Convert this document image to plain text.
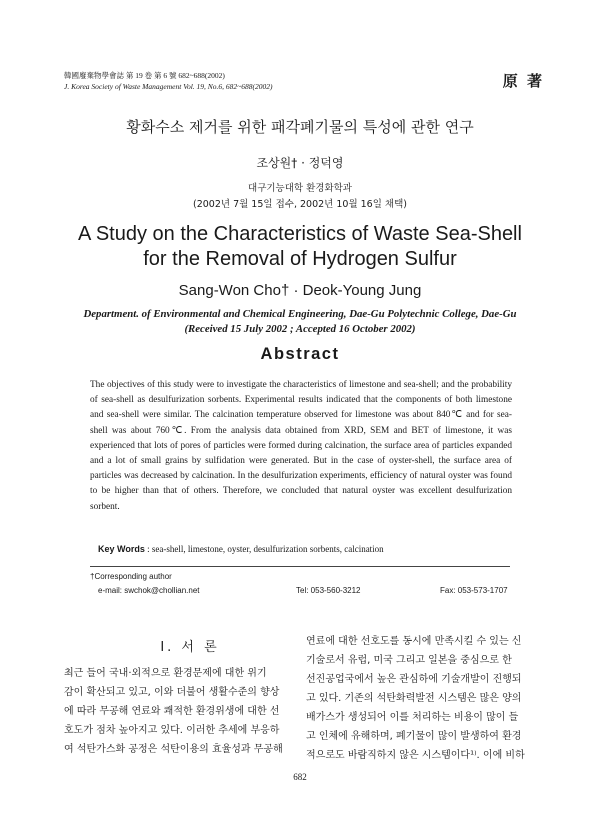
韓國廢棄物學會誌 第 19 卷 第 6 號 682~688(2002)
J. Korea Society of Waste Management Vol. 19, No.6, 682~688(2002)	原 著
황화수소 제거를 위한 패각폐기물의 특성에 관한 연구
조상원† · 정덕영
대구기능대학 환경화학과
(2002년 7월 15일 접수, 2002년 10월 16일 채택)
A Study on the Characteristics of Waste Sea-Shell
for the Removal of Hydrogen Sulfur
Sang-Won Cho† · Deok-Young Jung
Department. of Environmental and Chemical Engineering, Dae-Gu Polytechnic College, Dae-Gu
(Received 15 July 2002 ; Accepted 16 October 2002)
Abstract
The objectives of this study were to investigate the characteristics of limestone and sea-shell; and the probability of sea-shell as desulfurization sorbents. Experimental results indicated that the components of both limestone and sea-shell were similar. The calcination temperature observed for limestone was about 840℃ and for sea-shell was about 760℃. From the analysis data obtained from XRD, SEM and BET of limestone, it was experienced that lots of pores of particles were formed during calcination, the surface area of particles expanded and a lot of small grains by sulfidation were generated. But in the case of oyster-shell, the surface area of particles was decreased by calcination. In the desulfurization experiments, efficiency of natural oyster was found to be higher than that of others. Therefore, we concluded that natural oyster was excellent desulfurization sorbent.
Key Words : sea-shell, limestone, oyster, desulfurization sorbents, calcination
†Corresponding author
e-mail: swchok@chollian.net	Tel: 053-560-3212	Fax: 053-573-1707
Ⅰ. 서 론
최근 들어 국내·외적으로 환경문제에 대한 위기
감이 확산되고 있고, 이와 더불어 생활수준의 향상
에 따라 무공해 연료와 쾌적한 환경위생에 대한 선
호도가 점차 높아지고 있다. 이러한 추세에 부응하
여 석탄가스화 공정은 석탄이용의 효율성과 무공해
연료에 대한 선호도를 동시에 만족시킬 수 있는 신
기술로서 유럽, 미국 그리고 일본을 중심으로 한
선진공업국에서 높은 관심하에 기술개발이 진행되
고 있다. 기존의 석탄화력발전 시스템은 많은 양의
배가스가 생성되어 이를 처리하는 비용이 많이 들
고 인체에 유해하며, 폐기물이 많이 발생하여 환경
적으로도 바람직하지 않은 시스템이다¹⁾. 이에 비하
682
